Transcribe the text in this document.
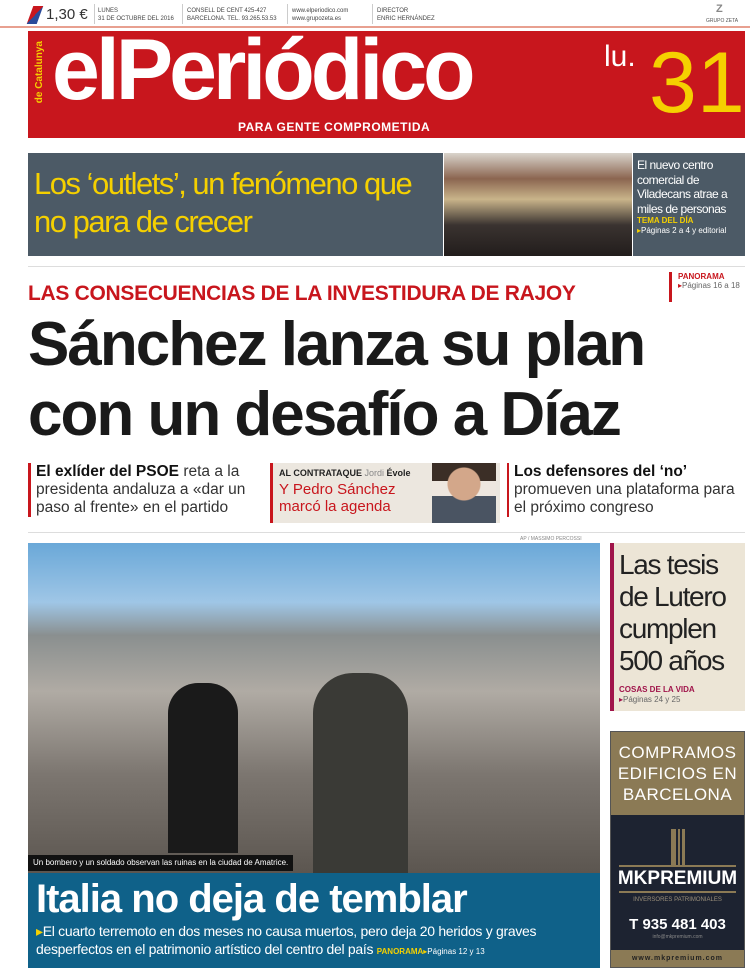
1,30 € LUNES
31 DE OCTUBRE DEL 2016
CONSELL DE CENT 425-427
BARCELONA. TEL. 93.265.53.53
www.elperiodico.com
www.grupozeta.es
DIRECTOR
ENRIC HERNÁNDEZ
Z
GRUPO ZETA
de Catalunya elPeriódico
PARA GENTE COMPROMETIDA
lu. 31
Los ‘outlets’, un fenómeno que no para de crecer
El nuevo centro comercial de Viladecans atrae a miles de personas
TEMA DEL DÍA
▸Páginas 2 a 4 y editorial
LAS CONSECUENCIAS DE LA INVESTIDURA DE RAJOY
PANORAMA
▸Páginas 16 a 18
Sánchez lanza su plan con un desafío a Díaz
El exlíder del PSOE reta a la presidenta andaluza a «dar un paso al frente» en el partido
AL CONTRATAQUE Jordi Évole
Y Pedro Sánchez marcó la agenda
Los defensores del ‘no’ promueven una plataforma para el próximo congreso
AP / MASSIMO PERCOSSI
Un bombero y un soldado observan las ruinas en la ciudad de Amatrice.
Italia no deja de temblar
▸El cuarto terremoto en dos meses no causa muertos, pero deja 20 heridos y graves desperfectos en el patrimonio artístico del centro del país PANORAMA▸Páginas 12 y 13
Las tesis de Lutero cumplen 500 años
COSAS DE LA VIDA
▸Páginas 24 y 25
COMPRAMOS EDIFICIOS EN BARCELONA
MKPREMIUM
INVERSORES PATRIMONIALES
T 935 481 403
info@mkpremium.com
www.mkpremium.com
